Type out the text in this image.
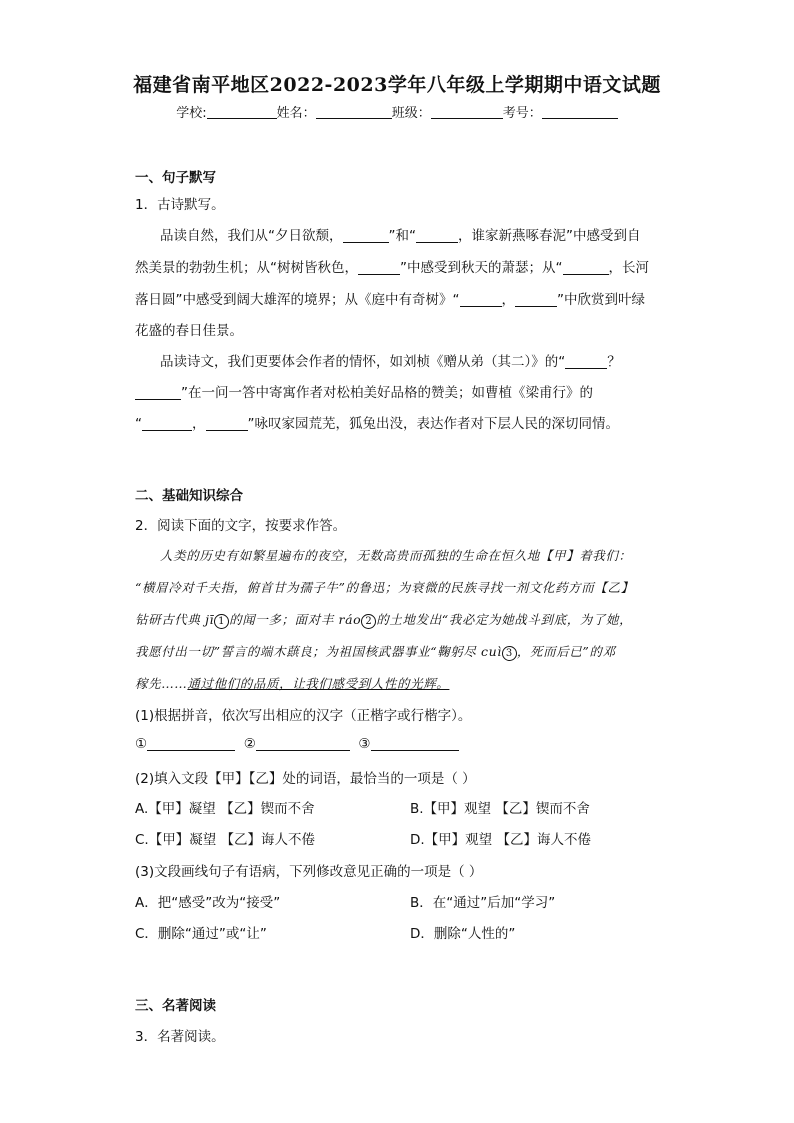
福建省南平地区2022-2023学年八年级上学期期中语文试题
学校:	姓名：	班级：	考号：
一、句子默写
1．古诗默写。
品读自然，我们从“夕日欲颓，	”和“	，谁家新燕啄春泥”中感受到自
然美景的勃勃生机；从“树树皆秋色，	”中感受到秋天的萧瑟；从“	，长河
落日圆”中感受到阔大雄浑的境界；从《庭中有奇树》“	，	”中欣赏到叶绿
花盛的春日佳景。
品读诗文，我们更要体会作者的情怀，如刘桢《赠从弟（其二）》的“	？
”在一问一答中寄寓作者对松柏美好品格的赞美；如曹植《梁甫行》的
“	，	”咏叹家园荒芜，狐兔出没，表达作者对下层人民的深切同情。
二、基础知识综合
2．阅读下面的文字，按要求作答。
人类的历史有如繁星遍布的夜空，无数高贵而孤独的生命在恒久地【甲】着我们：
“横眉冷对千夫指，俯首甘为孺子牛”的鲁迅；为衰微的民族寻找一剂文化药方而【乙】
钻研古代典 jī 1 的闻一多；面对丰 ráo 2 的土地发出“我必定为她战斗到底，为了她，
我愿付出一切”誓言的端木蕻良；为祖国核武器事业“鞠躬尽 cuì 3 ，死而后已”的邓
稼先……通过他们的品质，让我们感受到人性的光辉。
(1)根据拼音，依次写出相应的汉字（正楷字或行楷字）。
①	②	③
(2)填入文段【甲】【乙】处的词语，最恰当的一项是（ ）
A.【甲】凝望 【乙】锲而不舍	B.【甲】观望 【乙】锲而不舍
C.【甲】凝望 【乙】诲人不倦	D.【甲】观望 【乙】诲人不倦
(3)文段画线句子有语病，下列修改意见正确的一项是（ ）
A．把“感受”改为“接受”	B．在“通过”后加“学习”
C．删除“通过”或“让”	D．删除“人性的”
三、名著阅读
3．名著阅读。
